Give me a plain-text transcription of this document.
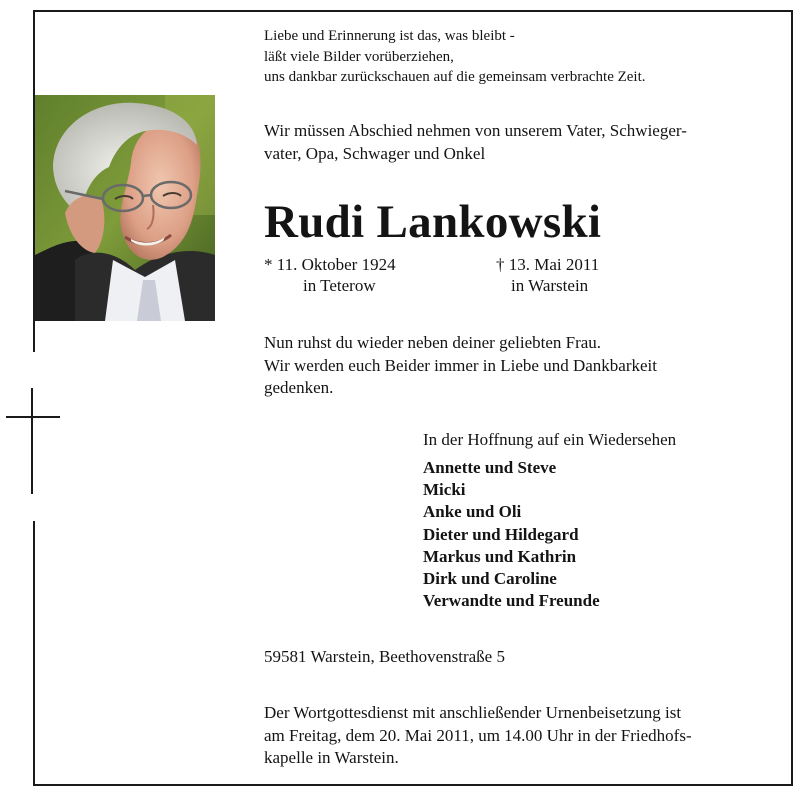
Liebe und Erinnerung ist das, was bleibt -
läßt viele Bilder vorüberziehen,
uns dankbar zurückschauen auf die gemeinsam verbrachte Zeit.

Wir müssen Abschied nehmen von unserem Vater, Schwieger-
vater, Opa, Schwager und Onkel

Rudi Lankowski
* 11. Oktober 1924
in Teterow
† 13. Mai 2011
in Warstein

Nun ruhst du wieder neben deiner geliebten Frau.
Wir werden euch Beider immer in Liebe und Dankbarkeit
gedenken.

In der Hoffnung auf ein Wiedersehen

Annette und Steve
Micki
Anke und Oli
Dieter und Hildegard
Markus und Kathrin
Dirk und Caroline
Verwandte und Freunde

59581 Warstein, Beethovenstraße 5

Der Wortgottesdienst mit anschließender Urnenbeisetzung ist
am Freitag, dem 20. Mai 2011, um 14.00 Uhr in der Friedhofs-
kapelle in Warstein.
